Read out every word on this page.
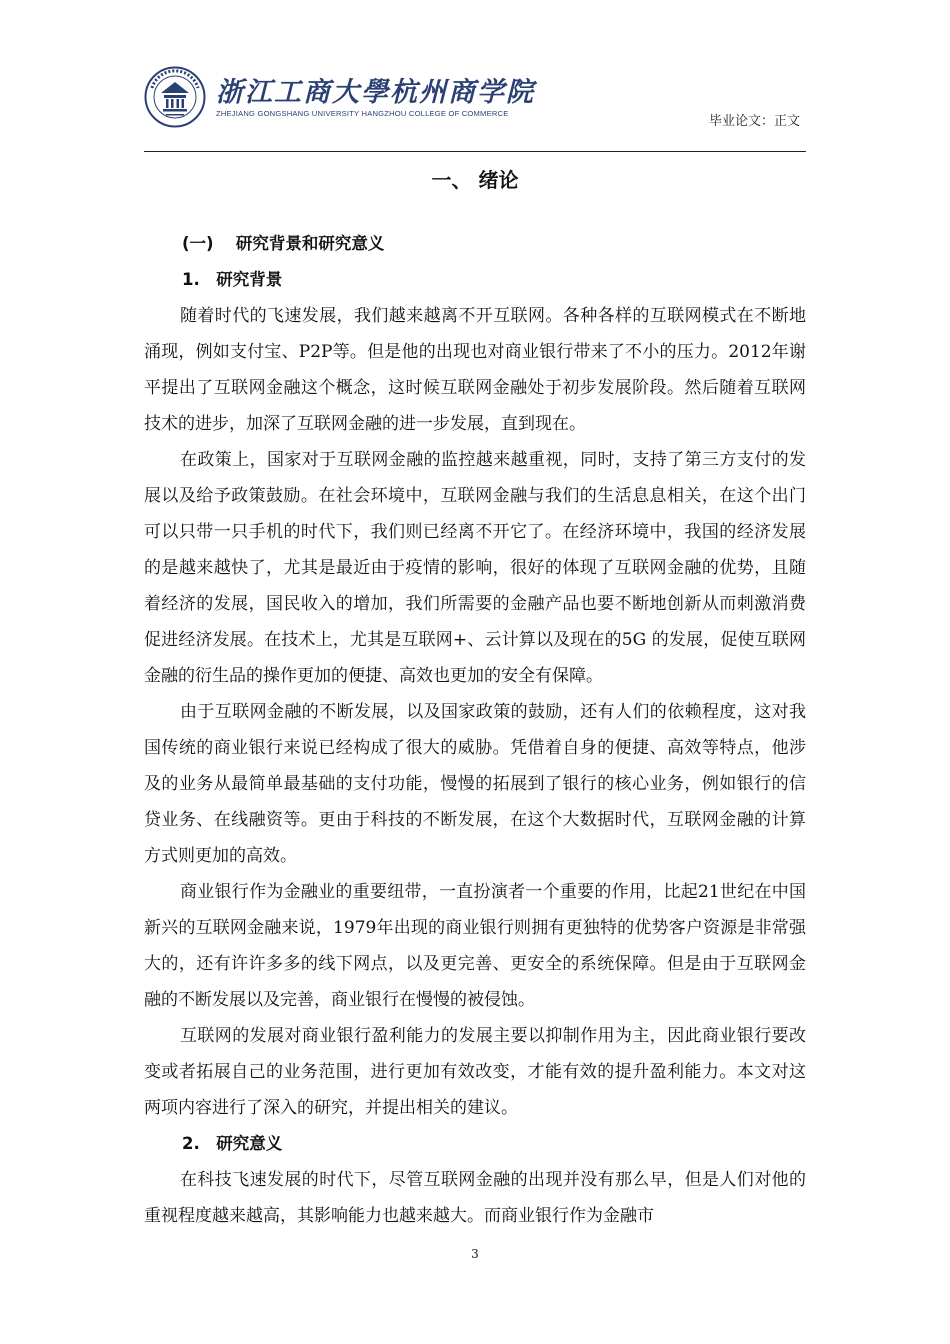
浙江工商大學杭州商学院
ZHEJIANG GONGSHANG UNIVERSITY HANGZHOU COLLEGE OF COMMERCE
毕业论文：正文
一、 绪论
(一)　 研究背景和研究意义
1.　研究背景

随着时代的飞速发展，我们越来越离不开互联网。各种各样的互联网模式在不断地涌现，例如支付宝、P2P等。但是他的出现也对商业银行带来了不小的压力。2012年谢平提出了互联网金融这个概念，这时候互联网金融处于初步发展阶段。然后随着互联网技术的进步，加深了互联网金融的进一步发展，直到现在。

在政策上，国家对于互联网金融的监控越来越重视，同时，支持了第三方支付的发展以及给予政策鼓励。在社会环境中，互联网金融与我们的生活息息相关，在这个出门可以只带一只手机的时代下，我们则已经离不开它了。在经济环境中，我国的经济发展的是越来越快了，尤其是最近由于疫情的影响，很好的体现了互联网金融的优势，且随着经济的发展，国民收入的增加，我们所需要的金融产品也要不断地创新从而刺激消费促进经济发展。在技术上，尤其是互联网+、云计算以及现在的5G 的发展，促使互联网金融的衍生品的操作更加的便捷、高效也更加的安全有保障。

由于互联网金融的不断发展，以及国家政策的鼓励，还有人们的依赖程度，这对我国传统的商业银行来说已经构成了很大的威胁。凭借着自身的便捷、高效等特点，他涉及的业务从最简单最基础的支付功能，慢慢的拓展到了银行的核心业务，例如银行的信贷业务、在线融资等。更由于科技的不断发展，在这个大数据时代，互联网金融的计算方式则更加的高效。

商业银行作为金融业的重要纽带，一直扮演者一个重要的作用，比起21世纪在中国新兴的互联网金融来说，1979年出现的商业银行则拥有更独特的优势客户资源是非常强大的，还有许许多多的线下网点，以及更完善、更安全的系统保障。但是由于互联网金融的不断发展以及完善，商业银行在慢慢的被侵蚀。

互联网的发展对商业银行盈利能力的发展主要以抑制作用为主，因此商业银行要改变或者拓展自己的业务范围，进行更加有效改变，才能有效的提升盈利能力。本文对这两项内容进行了深入的研究，并提出相关的建议。

2.　研究意义

在科技飞速发展的时代下，尽管互联网金融的出现并没有那么早，但是人们对他的重视程度越来越高，其影响能力也越来越大。而商业银行作为金融市

3
